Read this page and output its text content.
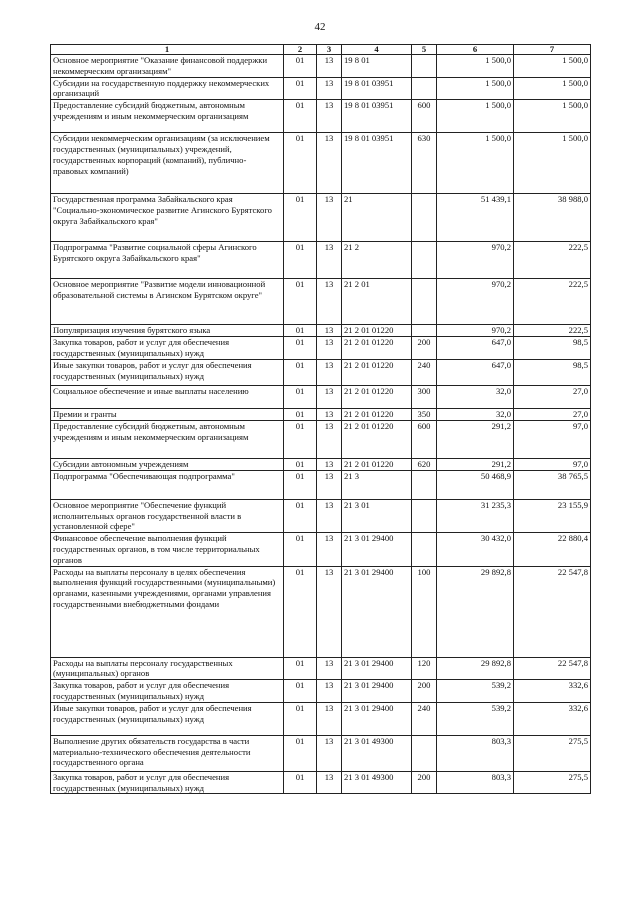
42
1	2	3	4	5	6	7
Основное мероприятие "Оказание финансовой поддержки некоммерческим организациям"	01	13	19 8 01		1 500,0	1 500,0
Субсидии на государственную поддержку некоммерческих организаций	01	13	19 8 01 03951		1 500,0	1 500,0
Предоставление субсидий бюджетным, автономным учреждениям и иным некоммерческим организациям	01	13	19 8 01 03951	600	1 500,0	1 500,0
Субсидии некоммерческим организациям (за исключением государственных (муниципальных) учреждений, государственных корпораций (компаний), публично-правовых компаний)	01	13	19 8 01 03951	630	1 500,0	1 500,0
Государственная программа Забайкальского края "Социально-экономическое развитие Агинского Бурятского округа Забайкальского края"	01	13	21		51 439,1	38 988,0
Подпрограмма "Развитие социальной сферы Агинского Бурятского округа Забайкальского края"	01	13	21 2		970,2	222,5
Основное мероприятие "Развитие модели инновационной образовательной системы в Агинском Бурятском округе"	01	13	21 2 01		970,2	222,5
Популяризация изучения бурятского языка	01	13	21 2 01 01220		970,2	222,5
Закупка товаров, работ и услуг для обеспечения государственных (муниципальных) нужд	01	13	21 2 01 01220	200	647,0	98,5
Иные закупки товаров, работ и услуг для обеспечения государственных (муниципальных) нужд	01	13	21 2 01 01220	240	647,0	98,5
Социальное обеспечение и иные выплаты населению	01	13	21 2 01 01220	300	32,0	27,0
Премии и гранты	01	13	21 2 01 01220	350	32,0	27,0
Предоставление субсидий бюджетным, автономным учреждениям и иным некоммерческим организациям	01	13	21 2 01 01220	600	291,2	97,0
Субсидии автономным учреждениям	01	13	21 2 01 01220	620	291,2	97,0
Подпрограмма "Обеспечивающая подпрограмма"	01	13	21 3		50 468,9	38 765,5
Основное мероприятие "Обеспечение функций исполнительных органов государственной власти в установленной сфере"	01	13	21 3 01		31 235,3	23 155,9
Финансовое обеспечение выполнения функций государственных органов, в том числе территориальных органов	01	13	21 3 01 29400		30 432,0	22 880,4
Расходы на выплаты персоналу в целях обеспечения выполнения функций государственными (муниципальными) органами, казенными учреждениями, органами управления государственными внебюджетными фондами	01	13	21 3 01 29400	100	29 892,8	22 547,8
Расходы на выплаты персоналу государственных (муниципальных) органов	01	13	21 3 01 29400	120	29 892,8	22 547,8
Закупка товаров, работ и услуг для обеспечения государственных (муниципальных) нужд	01	13	21 3 01 29400	200	539,2	332,6
Иные закупки товаров, работ и услуг для обеспечения государственных (муниципальных) нужд	01	13	21 3 01 29400	240	539,2	332,6
Выполнение других обязательств государства в части материально-технического обеспечения деятельности государственного органа	01	13	21 3 01 49300		803,3	275,5
Закупка товаров, работ и услуг для обеспечения государственных (муниципальных) нужд	01	13	21 3 01 49300	200	803,3	275,5
